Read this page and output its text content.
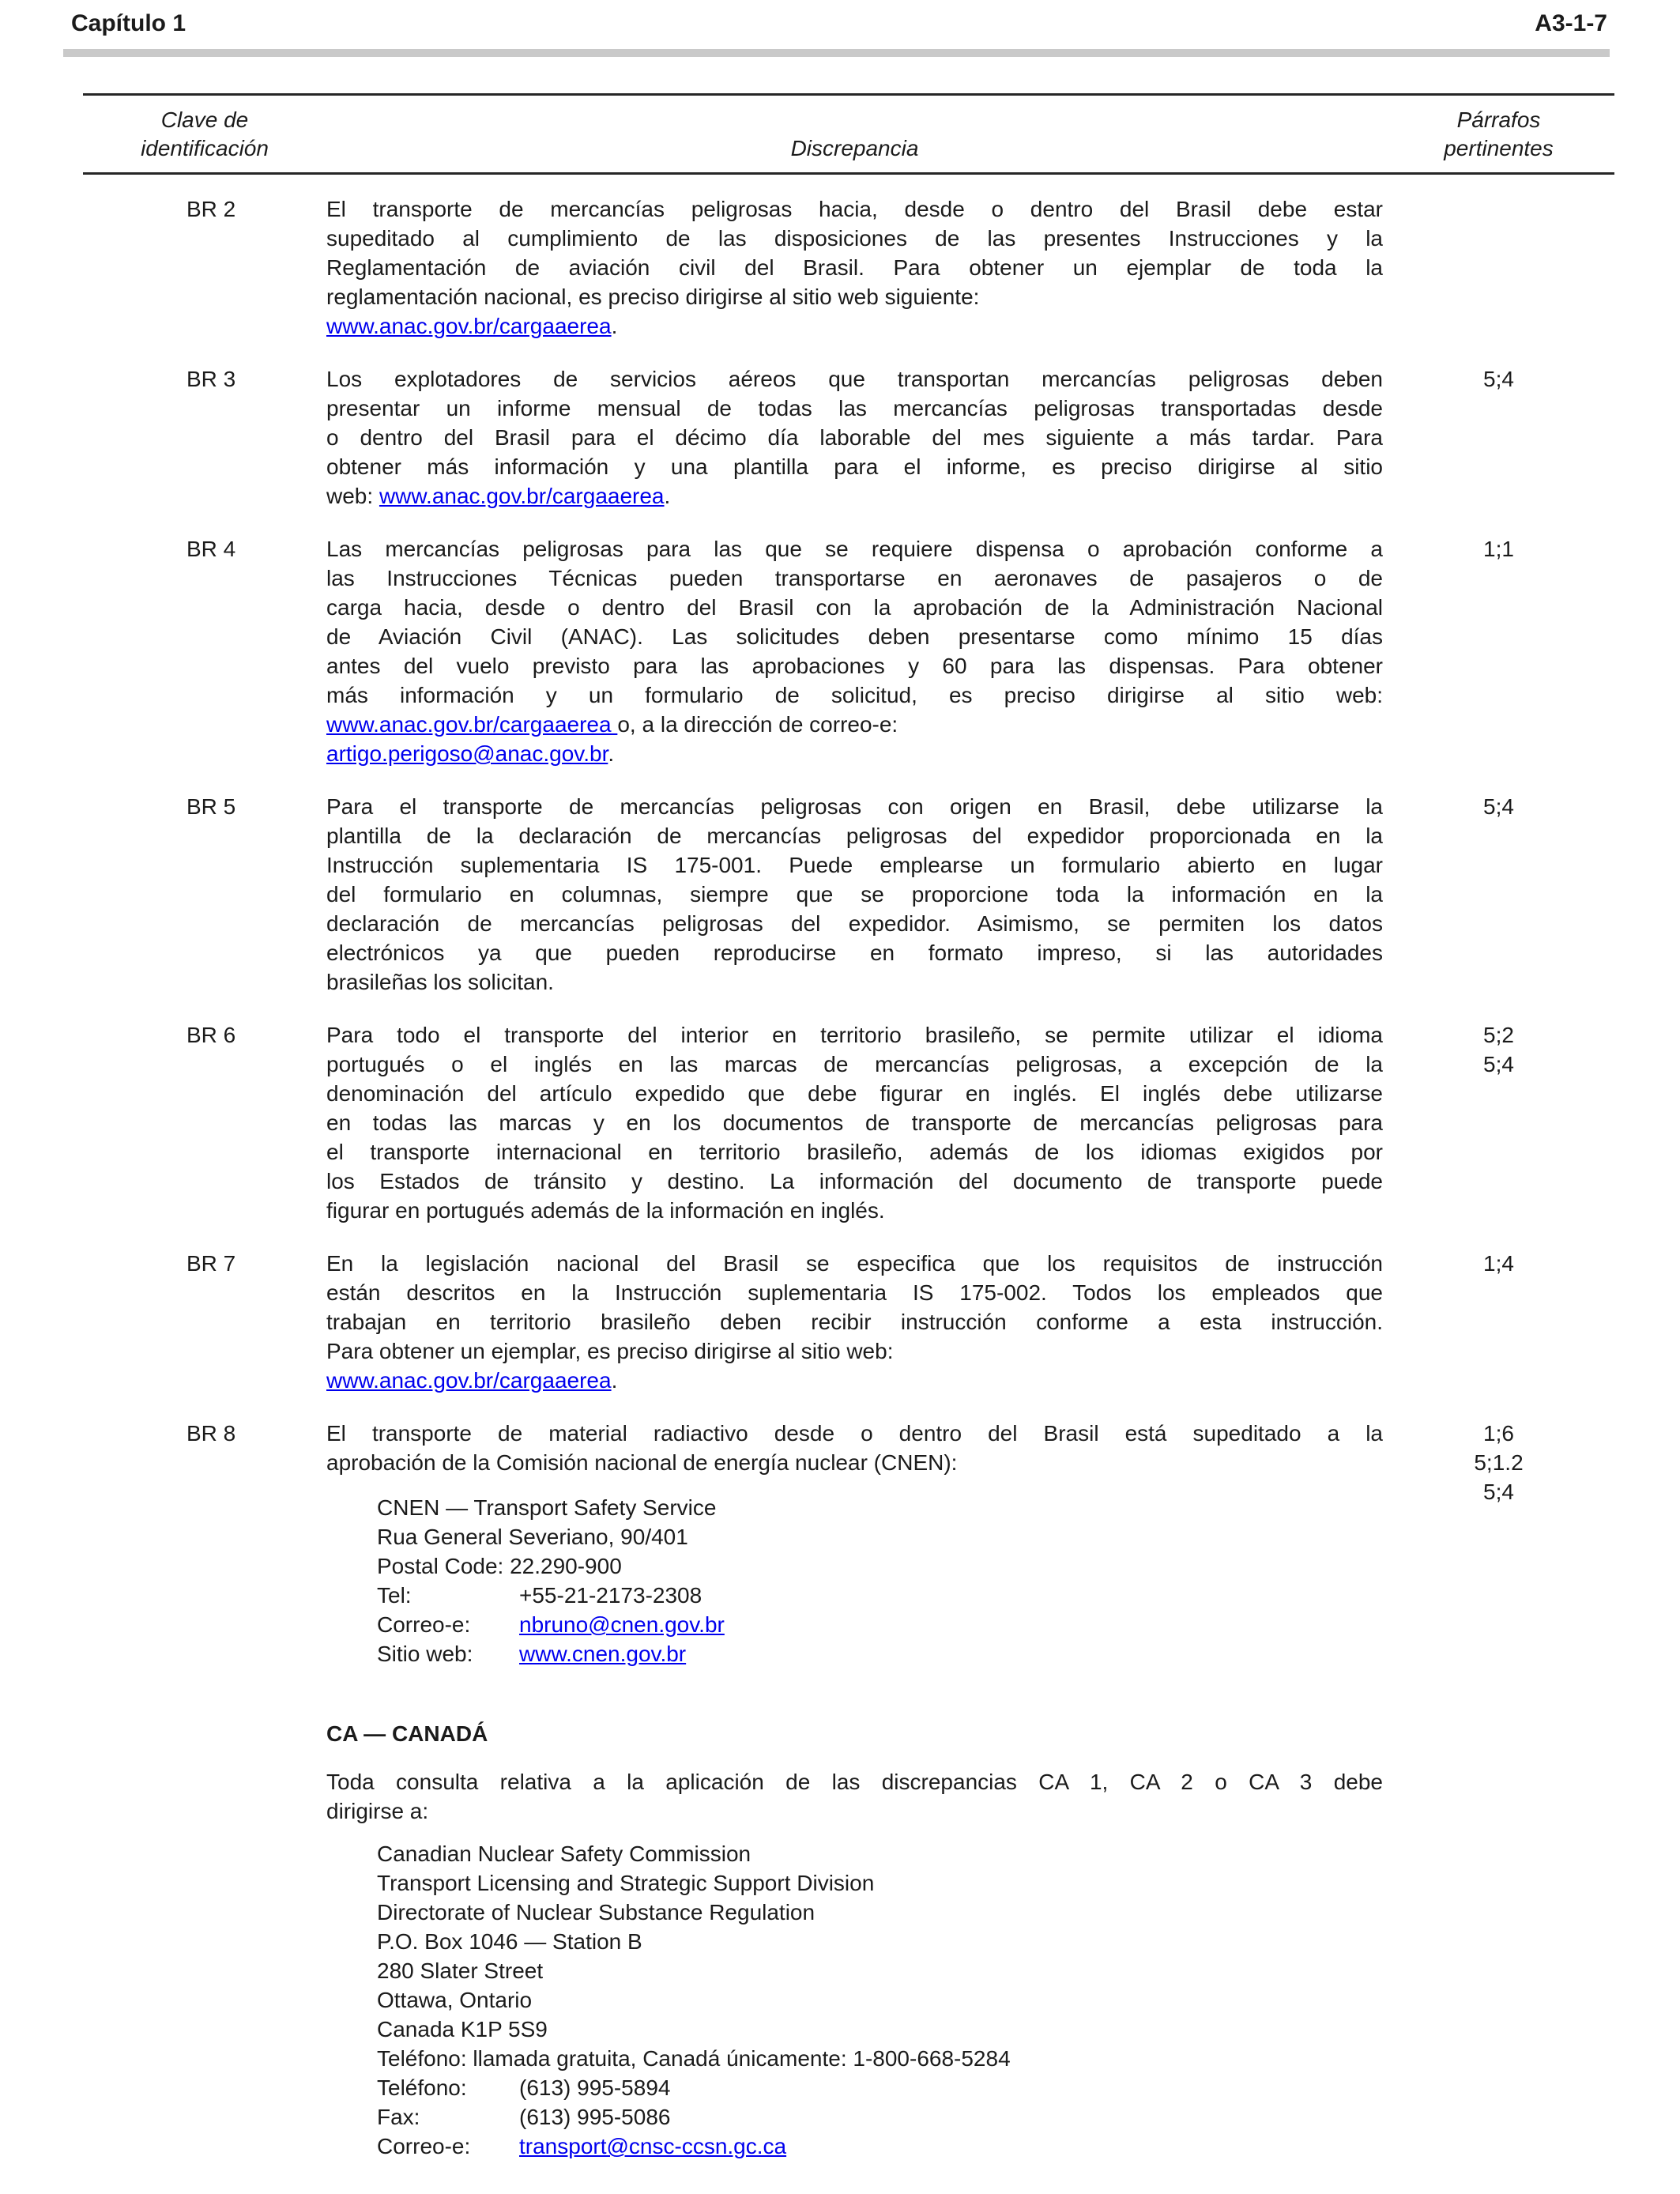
Capítulo 1	A3-1-7
Clave de
identificación	Discrepancia
Párrafos
pertinentes
BR 2	El transporte de mercancías peligrosas hacia, desde o dentro del Brasil debe estar
supeditado al cumplimiento de las disposiciones de las presentes Instrucciones y la
Reglamentación de aviación civil del Brasil. Para obtener un ejemplar de toda la
reglamentación nacional, es preciso dirigirse al sitio web siguiente:
www.anac.gov.br/cargaaerea.
BR 3	Los explotadores de servicios aéreos que transportan mercancías peligrosas deben
presentar un informe mensual de todas las mercancías peligrosas transportadas desde
o dentro del Brasil para el décimo día laborable del mes siguiente a más tardar. Para
obtener más información y una plantilla para el informe, es preciso dirigirse al sitio
web: www.anac.gov.br/cargaaerea.
5;4
BR 4	Las mercancías peligrosas para las que se requiere dispensa o aprobación conforme a
las Instrucciones Técnicas pueden transportarse en aeronaves de pasajeros o de
carga hacia, desde o dentro del Brasil con la aprobación de la Administración Nacional
de Aviación Civil (ANAC). Las solicitudes deben presentarse como mínimo 15 días
antes del vuelo previsto para las aprobaciones y 60 para las dispensas. Para obtener
más información y un formulario de solicitud, es preciso dirigirse al sitio web:
www.anac.gov.br/cargaaerea o, a la dirección de correo-e:
artigo.perigoso@anac.gov.br.
1;1
BR 5	Para el transporte de mercancías peligrosas con origen en Brasil, debe utilizarse la
plantilla de la declaración de mercancías peligrosas del expedidor proporcionada en la
Instrucción suplementaria IS 175-001. Puede emplearse un formulario abierto en lugar
del formulario en columnas, siempre que se proporcione toda la información en la
declaración de mercancías peligrosas del expedidor. Asimismo, se permiten los datos
electrónicos ya que pueden reproducirse en formato impreso, si las autoridades
brasileñas los solicitan.
5;4
BR 6	Para todo el transporte del interior en territorio brasileño, se permite utilizar el idioma
portugués o el inglés en las marcas de mercancías peligrosas, a excepción de la
denominación del artículo expedido que debe figurar en inglés. El inglés debe utilizarse
en todas las marcas y en los documentos de transporte de mercancías peligrosas para
el transporte internacional en territorio brasileño, además de los idiomas exigidos por
los Estados de tránsito y destino. La información del documento de transporte puede
figurar en portugués además de la información en inglés.
5;2
5;4
BR 7	En la legislación nacional del Brasil se especifica que los requisitos de instrucción
están descritos en la Instrucción suplementaria IS 175-002. Todos los empleados que
trabajan en territorio brasileño deben recibir instrucción conforme a esta instrucción.
Para obtener un ejemplar, es preciso dirigirse al sitio web:
www.anac.gov.br/cargaaerea.
1;4
BR 8	El transporte de material radiactivo desde o dentro del Brasil está supeditado a la
aprobación de la Comisión nacional de energía nuclear (CNEN):
CNEN — Transport Safety Service
Rua General Severiano, 90/401
Postal Code: 22.290-900
Tel:	+55-21-2173-2308
Correo-e: nbruno@cnen.gov.br
Sitio web: www.cnen.gov.br
1;6
5;1.2
5;4
CA — CANADÁ
Toda consulta relativa a la aplicación de las discrepancias CA 1, CA 2 o CA 3 debe
dirigirse a:
Canadian Nuclear Safety Commission
Transport Licensing and Strategic Support Division
Directorate of Nuclear Substance Regulation
P.O. Box 1046 — Station B
280 Slater Street
Ottawa, Ontario
Canada K1P 5S9
Teléfono: llamada gratuita, Canadá únicamente: 1-800-668-5284
Teléfono: (613) 995-5894
Fax:	(613) 995-5086
Correo-e: transport@cnsc-ccsn.gc.ca
